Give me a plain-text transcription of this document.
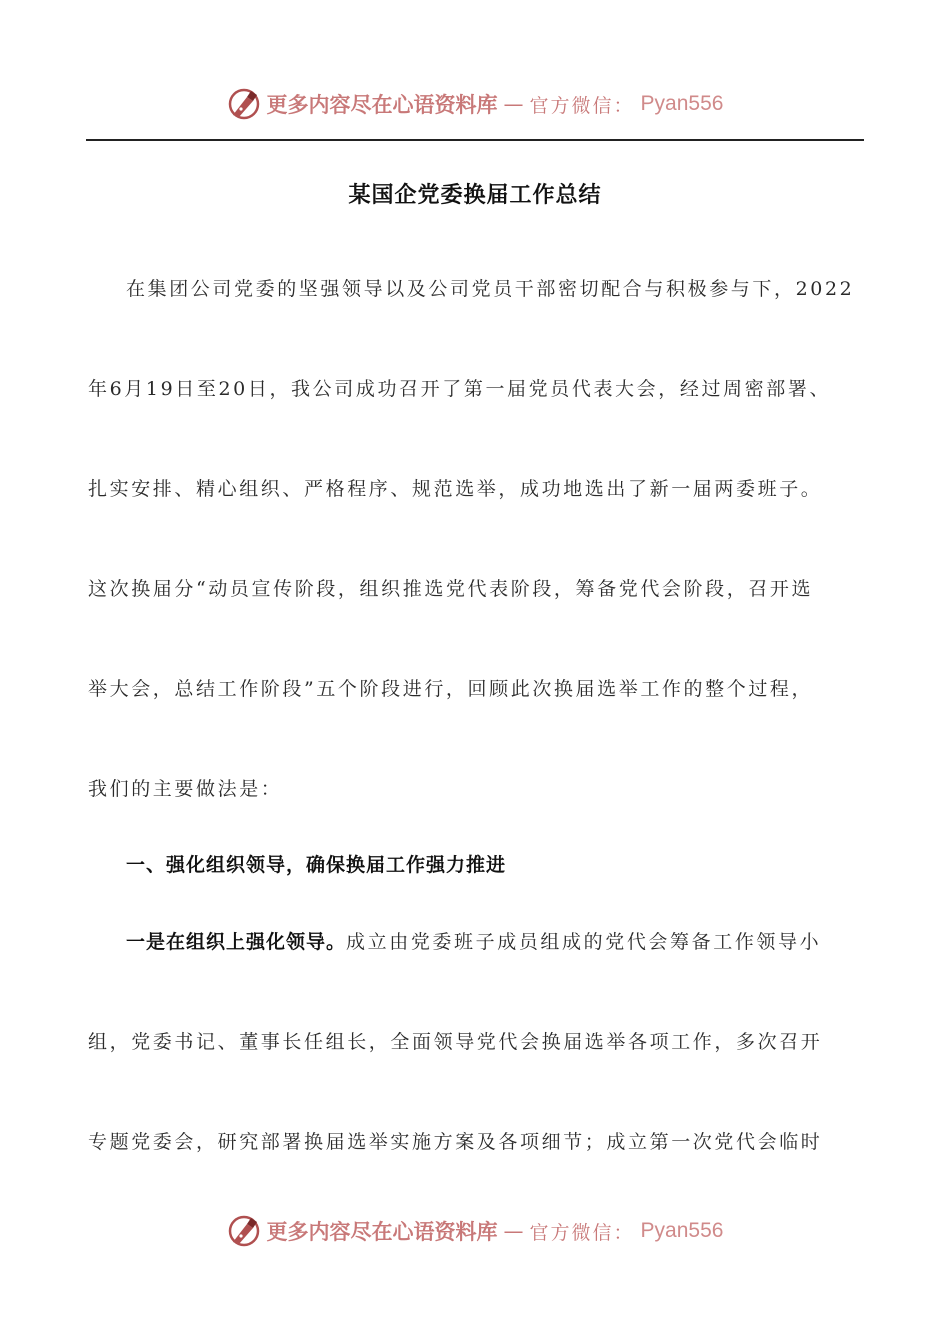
更多内容尽在心语资料库 — 官方微信： Pyan556
某国企党委换届工作总结
在集团公司党委的坚强领导以及公司党员干部密切配合与积极参与下，2022
年6月19日至20日，我公司成功召开了第一届党员代表大会，经过周密部署、
扎实安排、精心组织、严格程序、规范选举，成功地选出了新一届两委班子。
这次换届分“动员宣传阶段，组织推选党代表阶段，筹备党代会阶段，召开选
举大会，总结工作阶段”五个阶段进行，回顾此次换届选举工作的整个过程，
我们的主要做法是：
一、强化组织领导，确保换届工作强力推进
一是在组织上强化领导。成立由党委班子成员组成的党代会筹备工作领导小
组，党委书记、董事长任组长，全面领导党代会换届选举各项工作，多次召开
专题党委会，研究部署换届选举实施方案及各项细节；成立第一次党代会临时
更多内容尽在心语资料库 — 官方微信： Pyan556
